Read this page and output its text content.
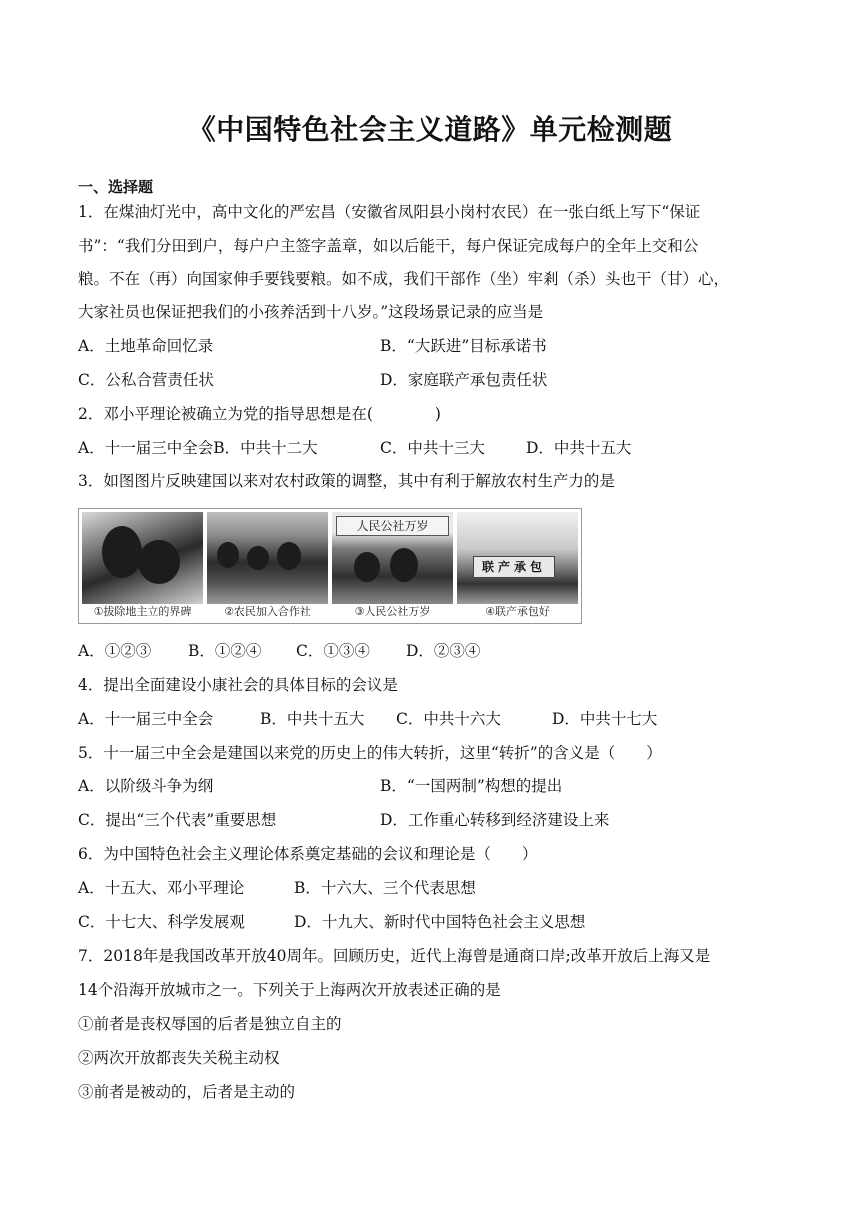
《中国特色社会主义道路》单元检测题
一、选择题
1．在煤油灯光中，高中文化的严宏昌（安徽省凤阳县小岗村农民）在一张白纸上写下“保证
书”：“我们分田到户，每户户主签字盖章，如以后能干，每户保证完成每户的全年上交和公
粮。不在（再）向国家伸手要钱要粮。如不成，我们干部作（坐）牢剎（杀）头也干（甘）心，
大家社员也保证把我们的小孩养活到十八岁。”这段场景记录的应当是
A．土地革命回忆录	B．“大跃进”目标承诺书
C．公私合营责任状	D．家庭联产承包责任状
2．邓小平理论被确立为党的指导思想是在(　　　　)
A．十一届三中全会B．中共十二大	C．中共十三大	D．中共十五大
3．如图图片反映建国以来对农村政策的调整，其中有利于解放农村生产力的是
①拔除地主立的界碑	②农民加入合作社
人民公社万岁
③人民公社万岁
联产承包
④联产承包好
A．①②③ B．①②④ C．①③④ D．②③④
4．提出全面建设小康社会的具体目标的会议是
A．十一届三中全会	B．中共十五大 C．中共十六大	D．中共十七大
5．十一届三中全会是建国以来党的历史上的伟大转折，这里“转折”的含义是（　　）
A．以阶级斗争为纲	B．“一国两制”构想的提出
C．提出“三个代表”重要思想	D．工作重心转移到经济建设上来
6．为中国特色社会主义理论体系奠定基础的会议和理论是（　　）
A．十五大、邓小平理论	B．十六大、三个代表思想
C．十七大、科学发展观	D．十九大、新时代中国特色社会主义思想
7．2018年是我国改革开放40周年。回顾历史，近代上海曾是通商口岸;改革开放后上海又是
14个沿海开放城市之一。下列关于上海两次开放表述正确的是
①前者是丧权辱国的后者是独立自主的
②两次开放都丧失关税主动权
③前者是被动的，后者是主动的
